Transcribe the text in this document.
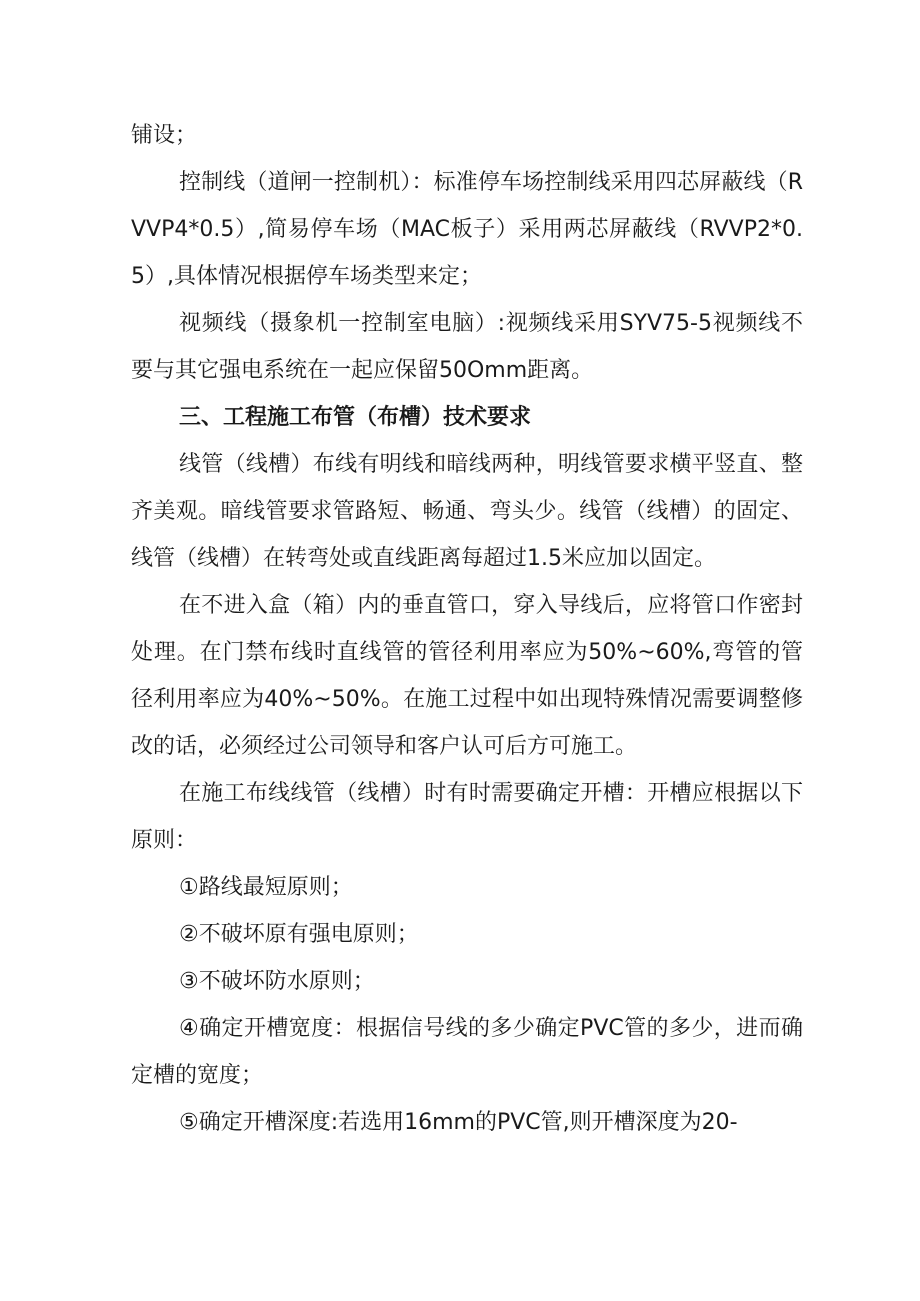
铺设；

控制线（道闸一控制机）：标准停车场控制线采用四芯屏蔽线（RVVP4*0.5）,简易停车场（MAC板子）采用两芯屏蔽线（RVVP2*0.5）,具体情况根据停车场类型来定；

视频线（摄象机一控制室电脑）:视频线采用SYV75-5视频线不要与其它强电系统在一起应保留50Omm距离。

三、工程施工布管（布槽）技术要求

线管（线槽）布线有明线和暗线两种，明线管要求横平竖直、整齐美观。暗线管要求管路短、畅通、弯头少。线管（线槽）的固定、线管（线槽）在转弯处或直线距离每超过1.5米应加以固定。

在不进入盒（箱）内的垂直管口，穿入导线后，应将管口作密封处理。在门禁布线时直线管的管径利用率应为50%~60%,弯管的管径利用率应为40%~50%。在施工过程中如出现特殊情况需要调整修改的话，必须经过公司领导和客户认可后方可施工。

在施工布线线管（线槽）时有时需要确定开槽：开槽应根据以下原则：

①路线最短原则；

②不破坏原有强电原则；

③不破坏防水原则；

④确定开槽宽度：根据信号线的多少确定PVC管的多少，进而确定槽的宽度；

⑤确定开槽深度:若选用16mm的PVC管,则开槽深度为20-
